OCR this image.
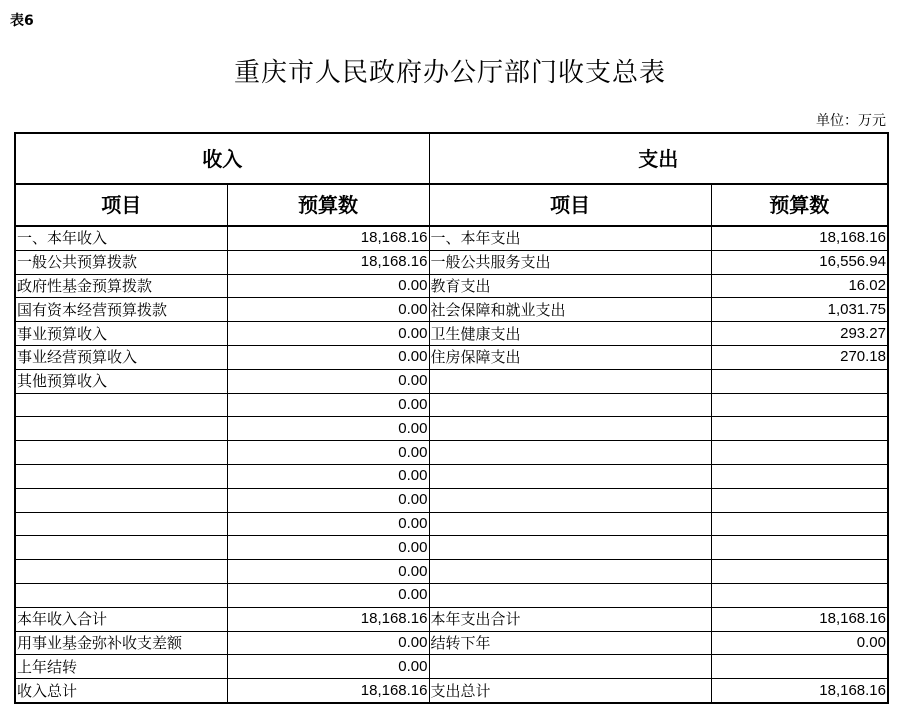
表6
重庆市人民政府办公厅部门收支总表
单位：万元
收入		支出	
项目	预算数	项目	预算数
一、本年收入	18,168.16	一、本年支出	18,168.16
一般公共预算拨款	18,168.16	一般公共服务支出	16,556.94
政府性基金预算拨款	0.00	教育支出	16.02
国有资本经营预算拨款	0.00	社会保障和就业支出	1,031.75
事业预算收入	0.00	卫生健康支出	293.27
事业经营预算收入	0.00	住房保障支出	270.18
其他预算收入	0.00		
	0.00		
	0.00		
	0.00		
	0.00		
	0.00		
	0.00		
	0.00		
	0.00		
	0.00		
本年收入合计	18,168.16	本年支出合计	18,168.16
用事业基金弥补收支差额	0.00	结转下年	0.00
上年结转	0.00		
收入总计	18,168.16	支出总计	18,168.16
